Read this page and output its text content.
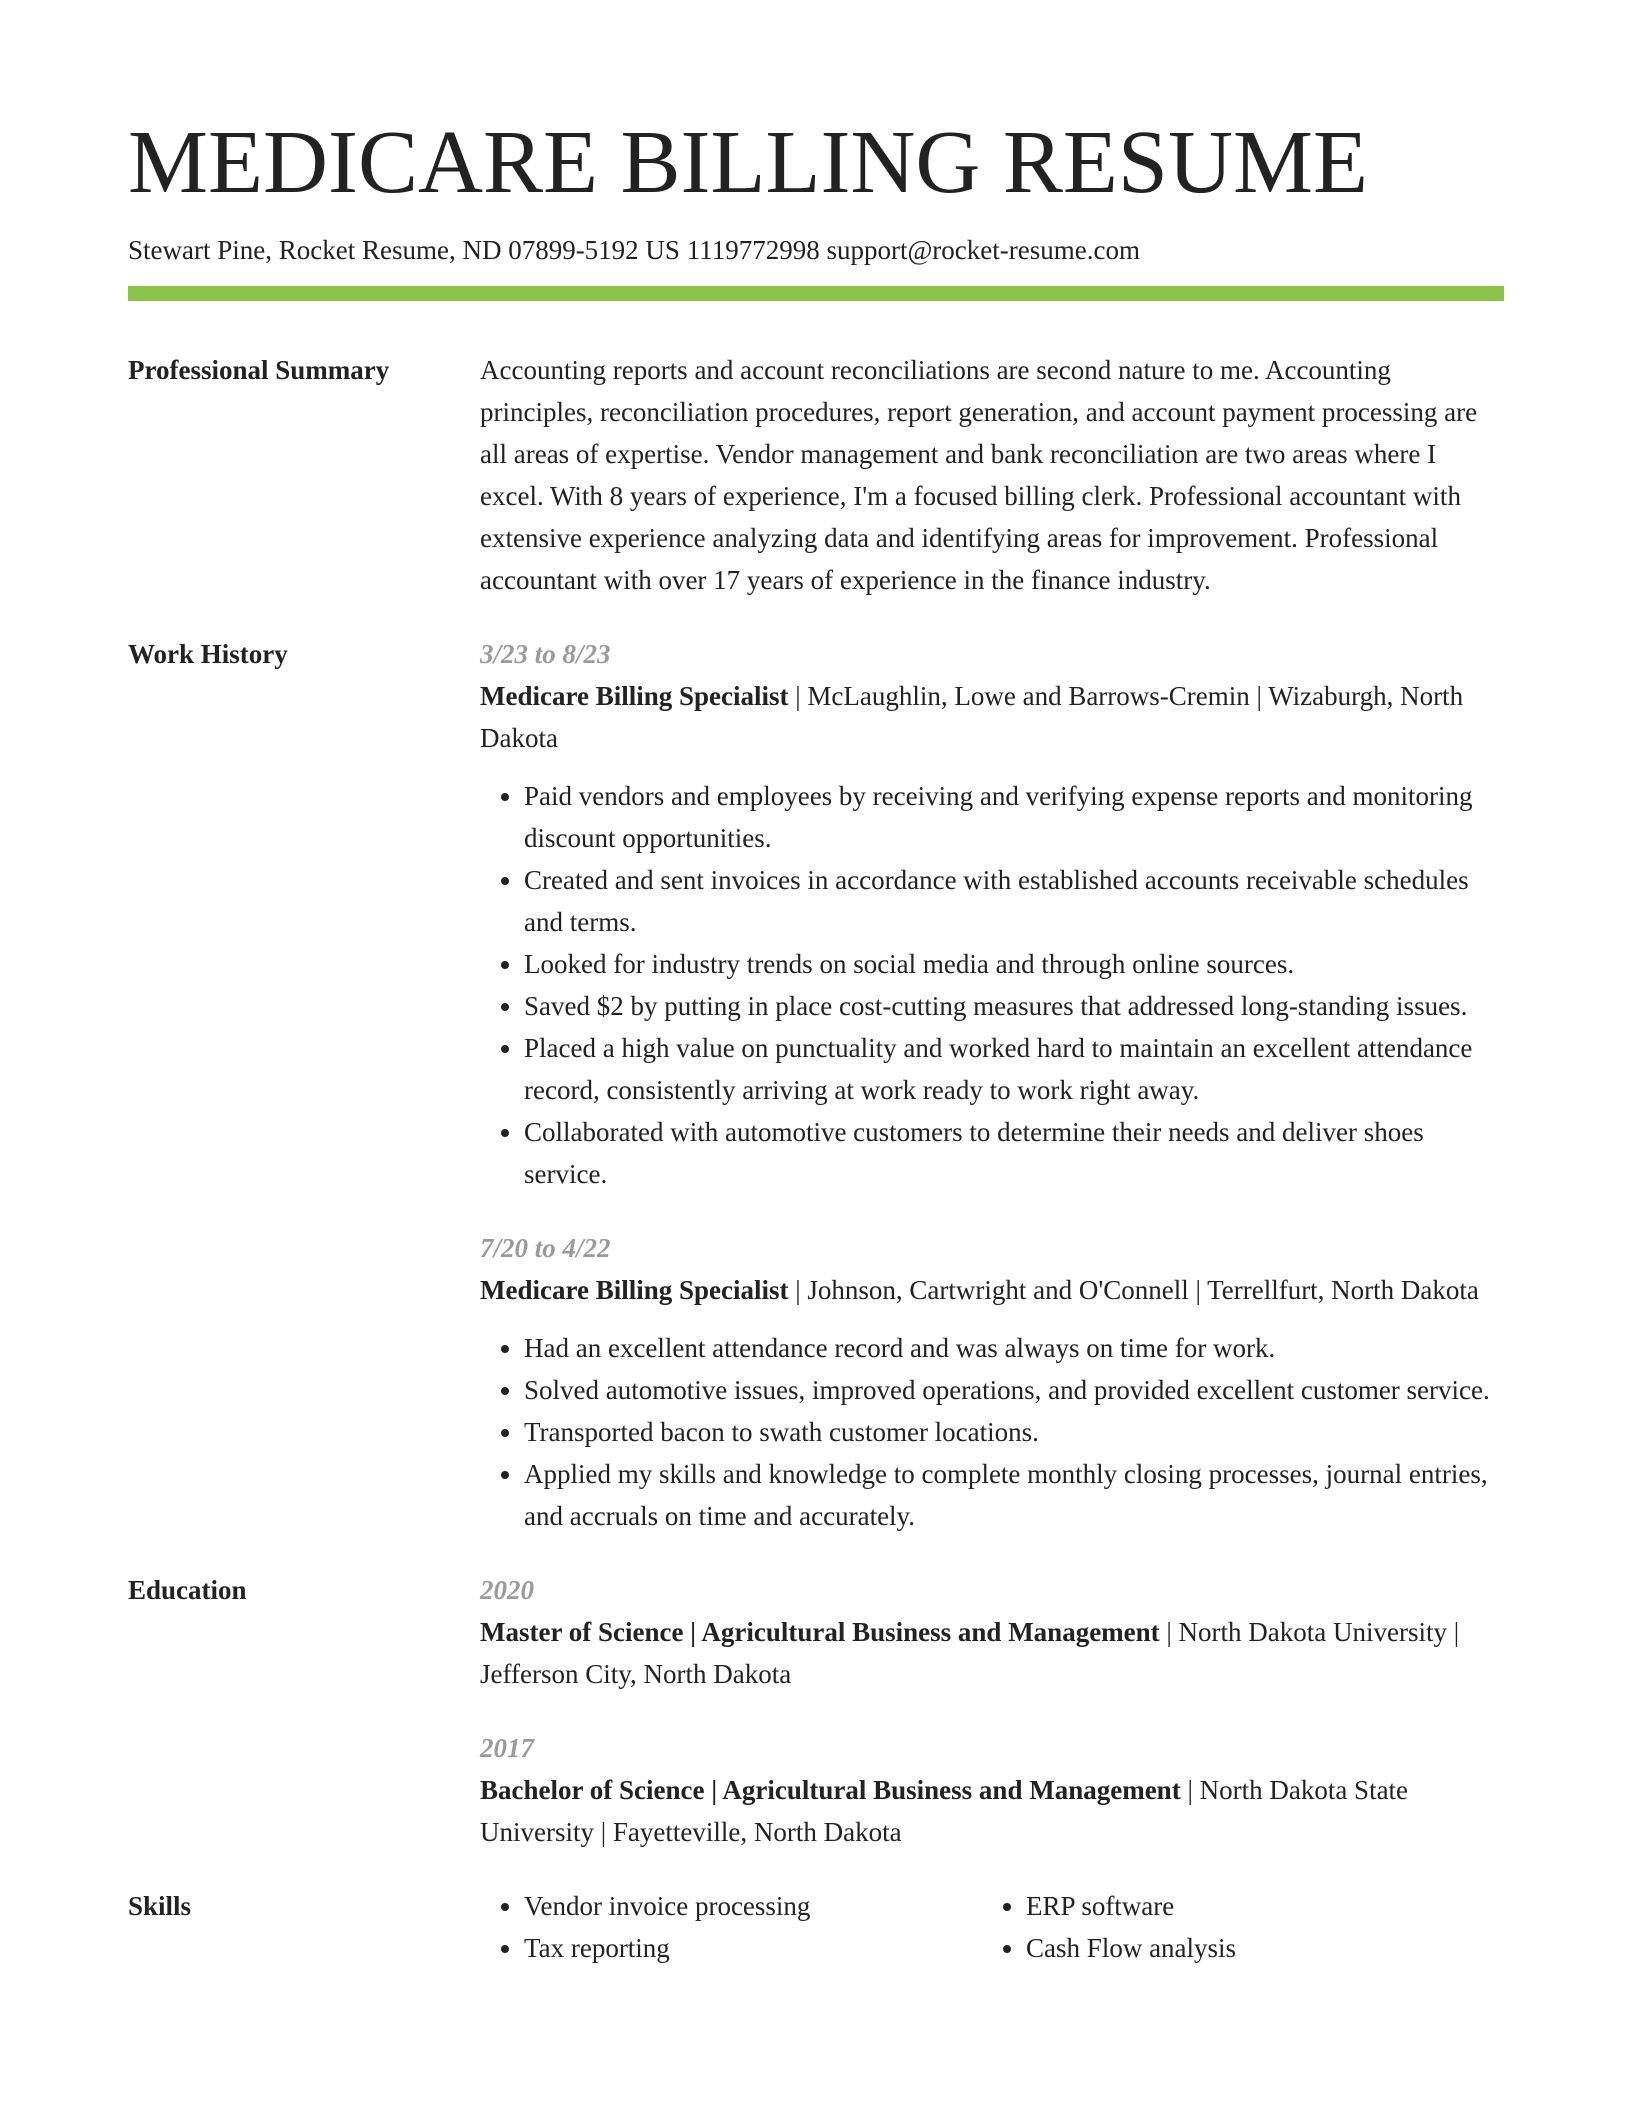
MEDICARE BILLING RESUME
Stewart Pine, Rocket Resume, ND 07899-5192 US 1119772998 support@rocket-resume.com
Professional Summary	Accounting reports and account reconciliations are second nature to me. Accounting principles, reconciliation procedures, report generation, and account payment processing are all areas of expertise. Vendor management and bank reconciliation are two areas where I excel. With 8 years of experience, I'm a focused billing clerk. Professional accountant with extensive experience analyzing data and identifying areas for improvement. Professional accountant with over 17 years of experience in the finance industry.

Work History	3/23 to 8/23
Medicare Billing Specialist | McLaughlin, Lowe and Barrows-Cremin | Wizaburgh, North Dakota
• Paid vendors and employees by receiving and verifying expense reports and monitoring discount opportunities.
• Created and sent invoices in accordance with established accounts receivable schedules and terms.
• Looked for industry trends on social media and through online sources.
• Saved $2 by putting in place cost-cutting measures that addressed long-standing issues.
• Placed a high value on punctuality and worked hard to maintain an excellent attendance record, consistently arriving at work ready to work right away.
• Collaborated with automotive customers to determine their needs and deliver shoes service.
7/20 to 4/22
Medicare Billing Specialist | Johnson, Cartwright and O'Connell | Terrellfurt, North Dakota
• Had an excellent attendance record and was always on time for work.
• Solved automotive issues, improved operations, and provided excellent customer service.
• Transported bacon to swath customer locations.
• Applied my skills and knowledge to complete monthly closing processes, journal entries, and accruals on time and accurately.
Education	2020
Master of Science | Agricultural Business and Management | North Dakota University | Jefferson City, North Dakota
2017
Bachelor of Science | Agricultural Business and Management | North Dakota State University | Fayetteville, North Dakota
Skills
•	Vendor invoice processing
• Tax reporting
• ERP software
• Cash Flow analysis
